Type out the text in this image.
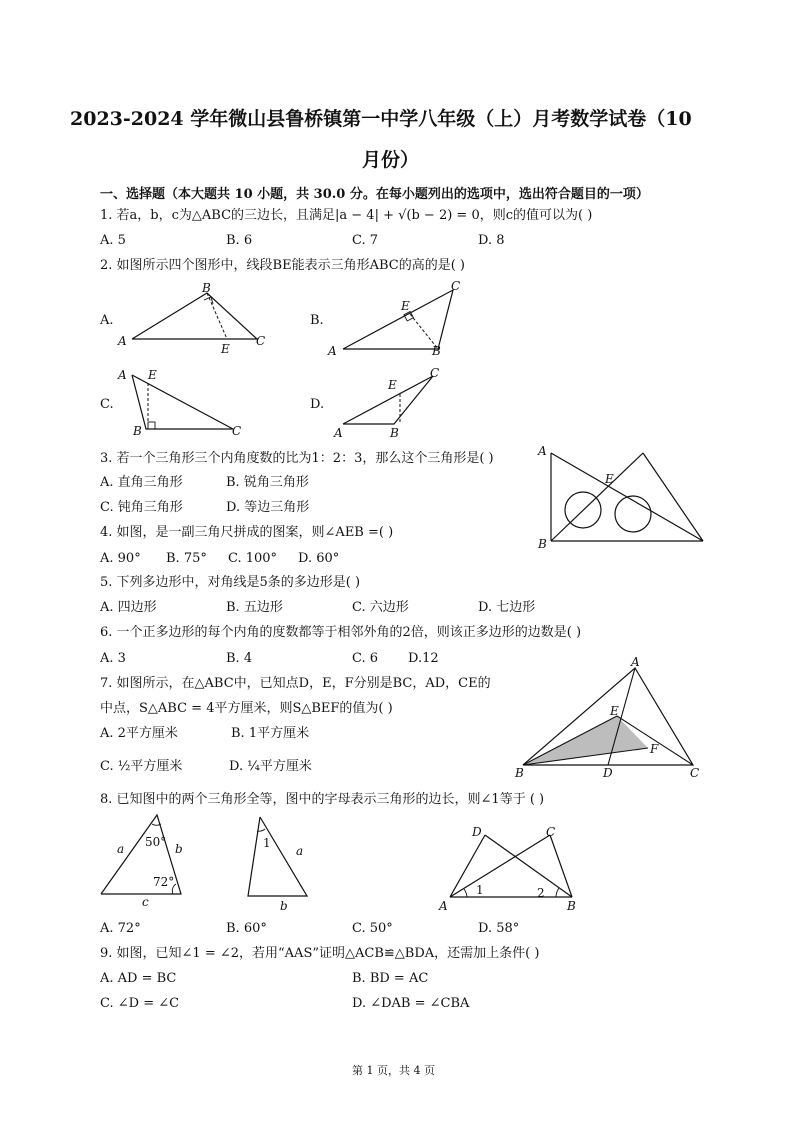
2023-2024 学年微山县鲁桥镇第一中学八年级（上）月考数学试卷（10
月份）
一、选择题（本大题共 10 小题，共 30.0 分。在每小题列出的选项中，选出符合题目的一项）
1. 若a，b，c为△ABC的三边长，且满足|a − 4| + √(b − 2) = 0，则c的值可以为( )
A. 5	B. 6	C. 7	D. 8
2. 如图所示四个图形中，线段BE能表示三角形ABC的高的是( )
A.	B.
C.	D.
B
A
E
C
E
C
A	B
A E
B	C
E
C
A	B
3. 若一个三角形三个内角度数的比为1：2：3，那么这个三角形是( )
A. 直角三角形	B. 锐角三角形
C. 钝角三角形	D. 等边三角形
A
B
E
4. 如图，是一副三角尺拼成的图案，则∠AEB =( )
A. 90° B. 75° C. 100° D. 60°
5. 下列多边形中，对角线是5条的多边形是( )
A. 四边形	B. 五边形	C. 六边形	D. 七边形
6. 一个正多边形的每个内角的度数都等于相邻外角的2倍，则该正多边形的边数是( )
A. 3	B. 4	C. 6 D.12
7. 如图所示，在△ABC中，已知点D，E，F分别是BC，AD，CE的
中点，S△ABC = 4平方厘米，则S△BEF的值为( )
A. 2平方厘米	B. 1平方厘米
C. ½平方厘米	D. ¼平方厘米
A
E
F
B	D	C
8. 已知图中的两个三角形全等，图中的字母表示三角形的边长，则∠1等于 ( )
50°
72°
a	b
c
1
a
b
D	C
1	2
A	B
A. 72°	B. 60°	C. 50°	D. 58°
9. 如图，已知∠1 = ∠2，若用“AAS”证明△ACB≌△BDA，还需加上条件( )
A. AD = BC	B. BD = AC
C. ∠D = ∠C	D. ∠DAB = ∠CBA
第 1 页，共 4 页
